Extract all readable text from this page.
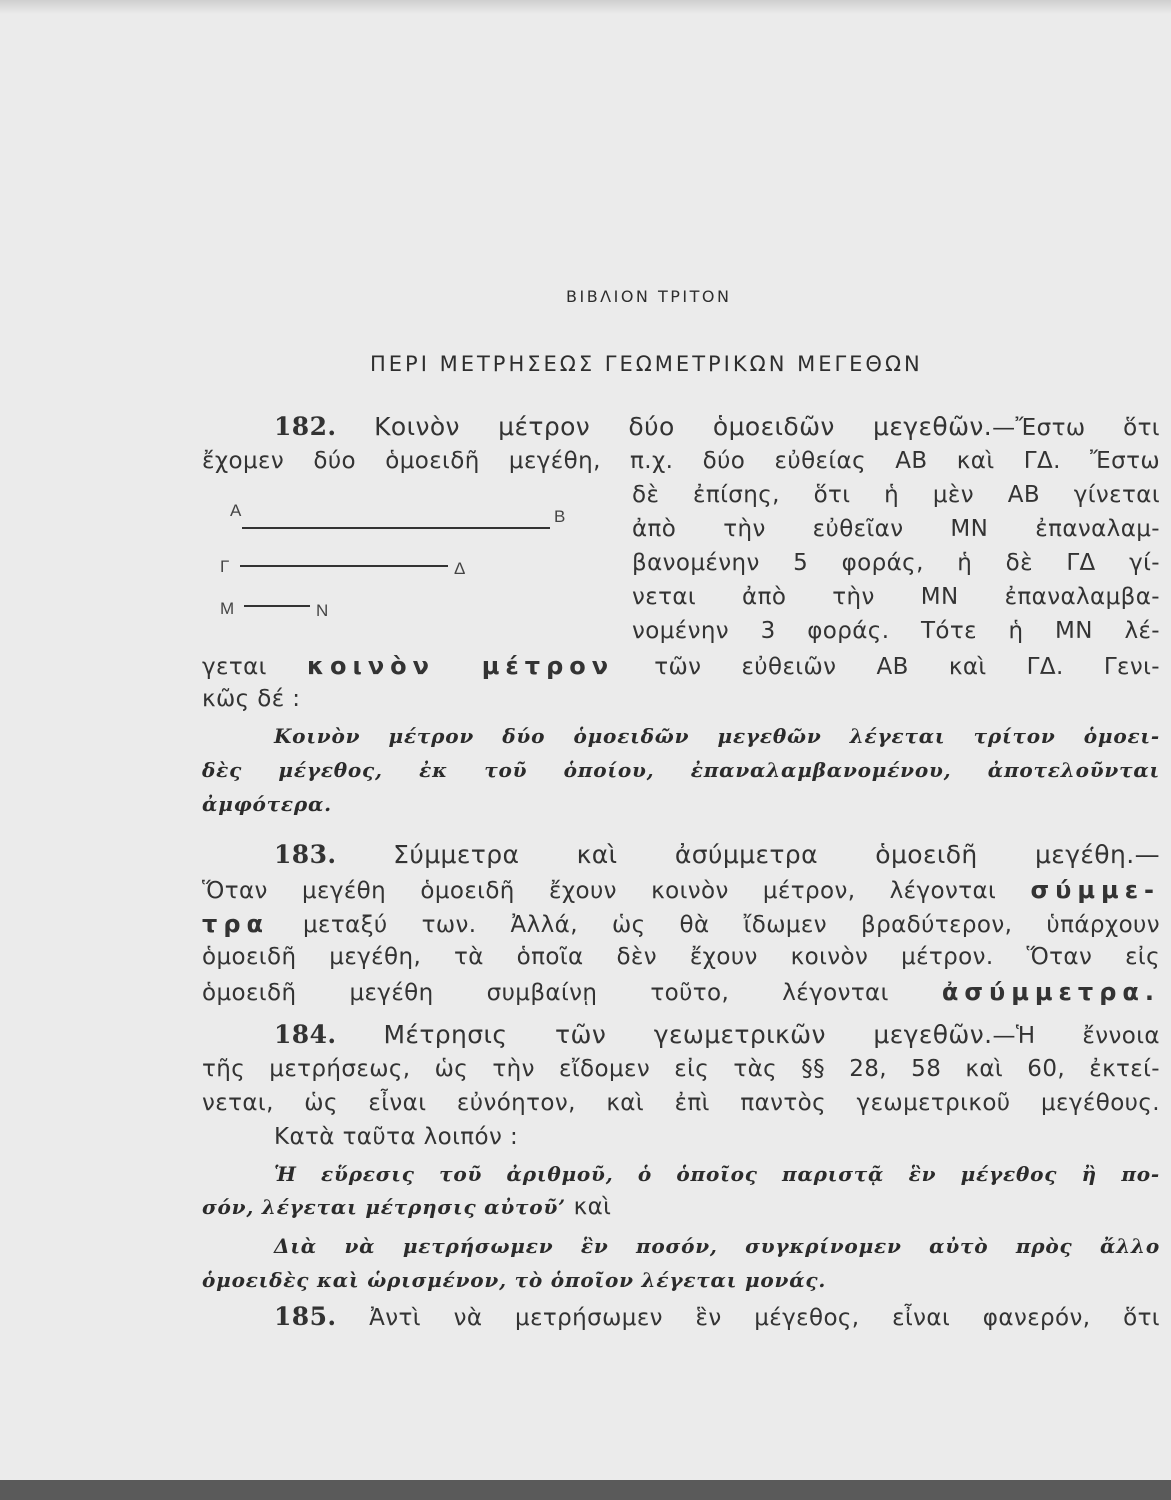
ΒΙΒΛΙΟΝ ΤΡΙΤΟΝ
ΠΕΡΙ ΜΕΤΡΗΣΕΩΣ ΓΕΩΜΕΤΡΙΚΩΝ ΜΕΓΕΘΩΝ
182. Κοινὸν μέτρον δύο ὁμοειδῶν μεγεθῶν.—Ἔστω ὅτι
ἔχομεν δύο ὁμοειδῆ μεγέθη, π.χ. δύο εὐθείας ΑΒ καὶ ΓΔ. Ἔστω
δὲ ἐπίσης, ὅτι ἡ μὲν ΑΒ γίνεται
ἀπὸ τὴν εὐθεῖαν ΜΝ ἐπαναλαμ-
βανομένην 5 φοράς, ἡ δὲ ΓΔ γί-
νεται ἀπὸ τὴν ΜΝ ἐπαναλαμβα-
νομένην 3 φοράς. Τότε ἡ ΜΝ λέ-
Α	Β
Γ	Δ
Μ	Ν
γεται κοινὸν μέτρον τῶν εὐθειῶν ΑΒ καὶ ΓΔ. Γενι-
κῶς δέ :
Κοινὸν μέτρον δύο ὁμοειδῶν μεγεθῶν λέγεται τρίτον ὁμοει-
δὲς μέγεθος, ἐκ τοῦ ὁποίου, ἐπαναλαμβανομένου, ἀποτελοῦνται
ἀμφότερα.
183. Σύμμετρα καὶ ἀσύμμετρα ὁμοειδῆ μεγέθη.—
Ὅταν μεγέθη ὁμοειδῆ ἔχουν κοινὸν μέτρον, λέγονται σύμμε-
τρα μεταξύ των. Ἀλλά, ὡς θὰ ἴδωμεν βραδύτερον, ὑπάρχουν
ὁμοειδῆ μεγέθη, τὰ ὁποῖα δὲν ἔχουν κοινὸν μέτρον. Ὅταν εἰς
ὁμοειδῆ μεγέθη συμβαίνῃ τοῦτο, λέγονται ἀσύμμετρα.
184. Μέτρησις τῶν γεωμετρικῶν μεγεθῶν.—Ἡ ἔννοια
τῆς μετρήσεως, ὡς τὴν εἴδομεν εἰς τὰς §§ 28, 58 καὶ 60, ἐκτεί-
νεται, ὡς εἶναι εὐνόητον, καὶ ἐπὶ παντὸς γεωμετρικοῦ μεγέθους.
Κατὰ ταῦτα λοιπόν :
Ἡ εὕρεσις τοῦ ἀριθμοῦ, ὁ ὁποῖος παριστᾷ ἓν μέγεθος ἢ πο-
σόν, λέγεται μέτρησις αὐτοῦ’ καὶ
Διὰ νὰ μετρήσωμεν ἓν ποσόν, συγκρίνομεν αὐτὸ πρὸς ἄλλο
ὁμοειδὲς καὶ ὡρισμένον, τὸ ὁποῖον λέγεται μονάς.
185. Ἀντὶ νὰ μετρήσωμεν ἓν μέγεθος, εἶναι φανερόν, ὅτι
